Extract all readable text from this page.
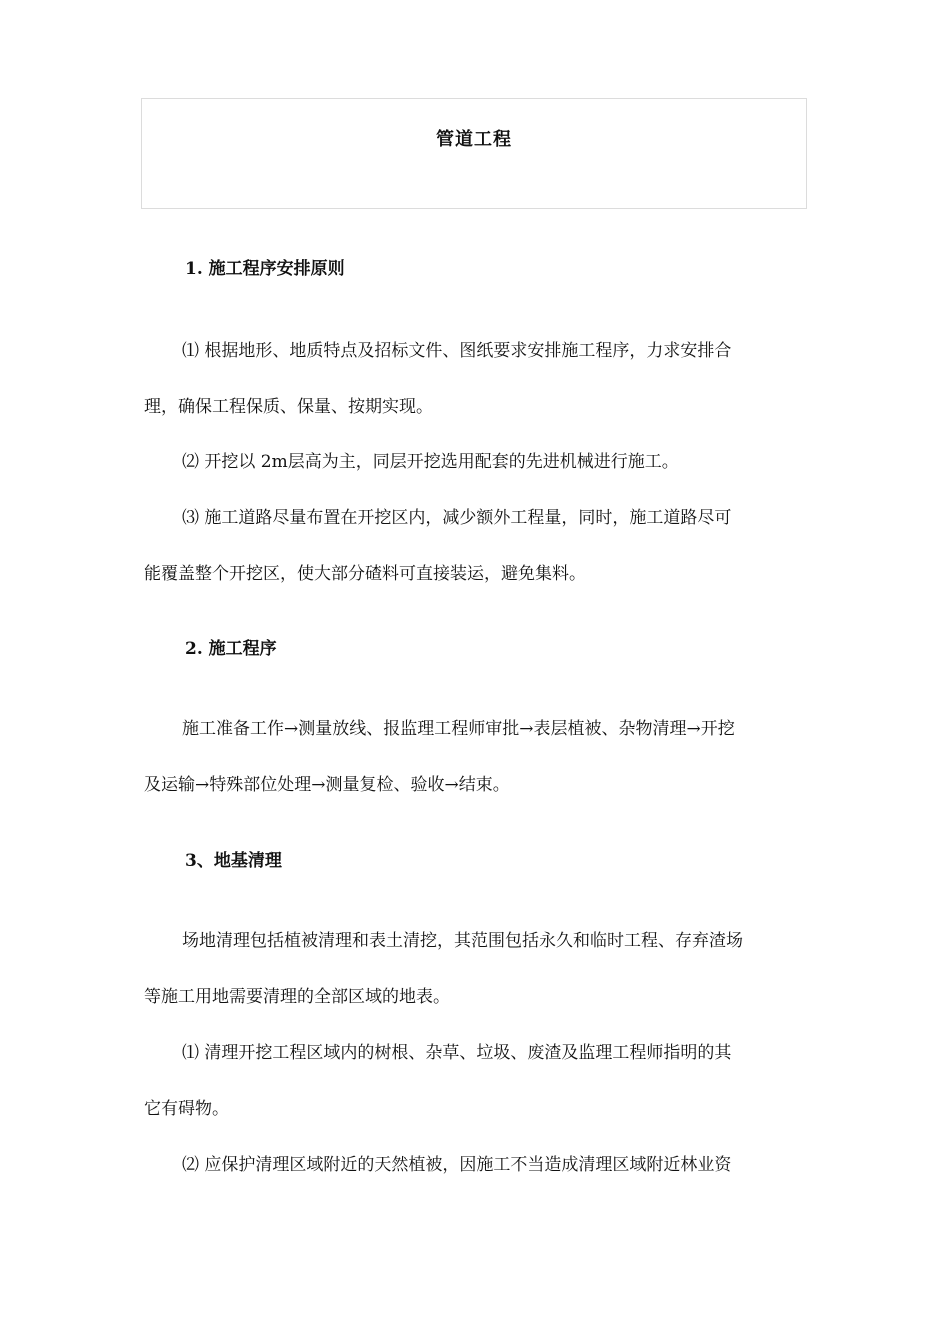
管道工程
1. 施工程序安排原则
⑴ 根据地形、地质特点及招标文件、图纸要求安排施工程序，力求安排合
理，确保工程保质、保量、按期实现。
⑵ 开挖以 2m层高为主，同层开挖选用配套的先进机械进行施工。
⑶ 施工道路尽量布置在开挖区内，减少额外工程量，同时，施工道路尽可
能覆盖整个开挖区，使大部分碴料可直接装运，避免集料。
2. 施工程序
施工准备工作→测量放线、报监理工程师审批→表层植被、杂物清理→开挖
及运输→特殊部位处理→测量复检、验收→结束。
3、地基清理
场地清理包括植被清理和表土清挖，其范围包括永久和临时工程、存弃渣场
等施工用地需要清理的全部区域的地表。
⑴ 清理开挖工程区域内的树根、杂草、垃圾、废渣及监理工程师指明的其
它有碍物。
⑵ 应保护清理区域附近的天然植被，因施工不当造成清理区域附近林业资
